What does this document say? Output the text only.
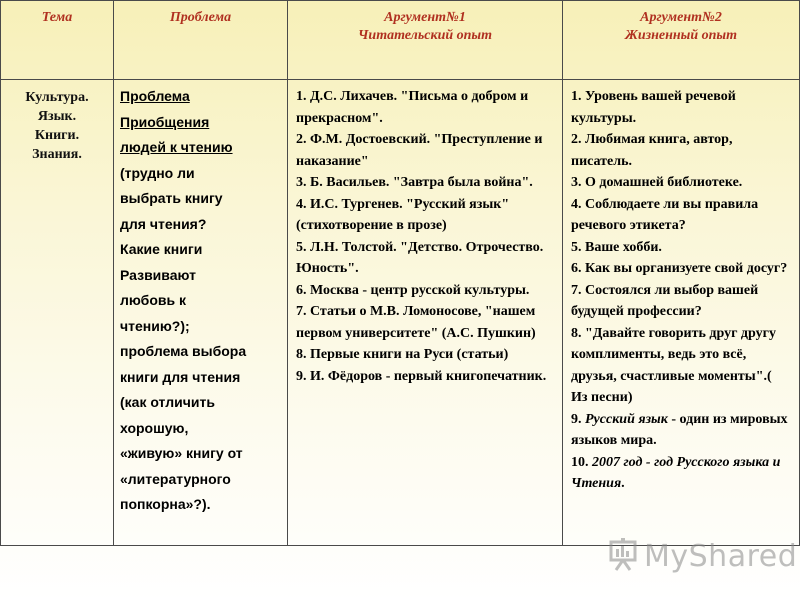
Тема	Проблема	Аргумент№1
Читательский опыт
Аргумент№2
Жизненный опыт
Культура.
Язык.
Книги.
Знания.
Проблема
Приобщения
людей к чтению
(трудно ли
выбрать книгу
для чтения?
Какие книги
Развивают
любовь к
чтению?);
проблема выбора
книги для чтения
(как отличить
хорошую,
«живую» книгу от
«литературного
попкорна»?).
1. Д.С. Лихачев. "Письма о добром и прекрасном".
2. Ф.М. Достоевский. "Преступление и наказание"
3. Б. Васильев. "Завтра была война".
4. И.С. Тургенев. "Русский язык"(стихотворение в прозе)
5. Л.Н. Толстой. "Детство. Отрочество. Юность".
6. Москва - центр русской культуры.
7. Статьи о М.В. Ломоносове, "нашем первом университете" (А.С. Пушкин)
8. Первые книги на Руси (статьи)
9. И. Фёдоров - первый книгопечатник.
1. Уровень вашей речевой культуры.
2. Любимая книга, автор, писатель.
3. О домашней библиотеке.
4. Соблюдаете ли вы правила речевого этикета?
5. Ваше хобби.
6. Как вы организуете свой досуг?
7. Состоялся ли выбор вашей будущей профессии?
8. "Давайте говорить друг другу комплименты, ведь это всё, друзья, счастливые моменты".( Из песни)
9. Русский язык - один из мировых языков мира.
10. 2007 год - год Русского языка и Чтения.
MyShared
